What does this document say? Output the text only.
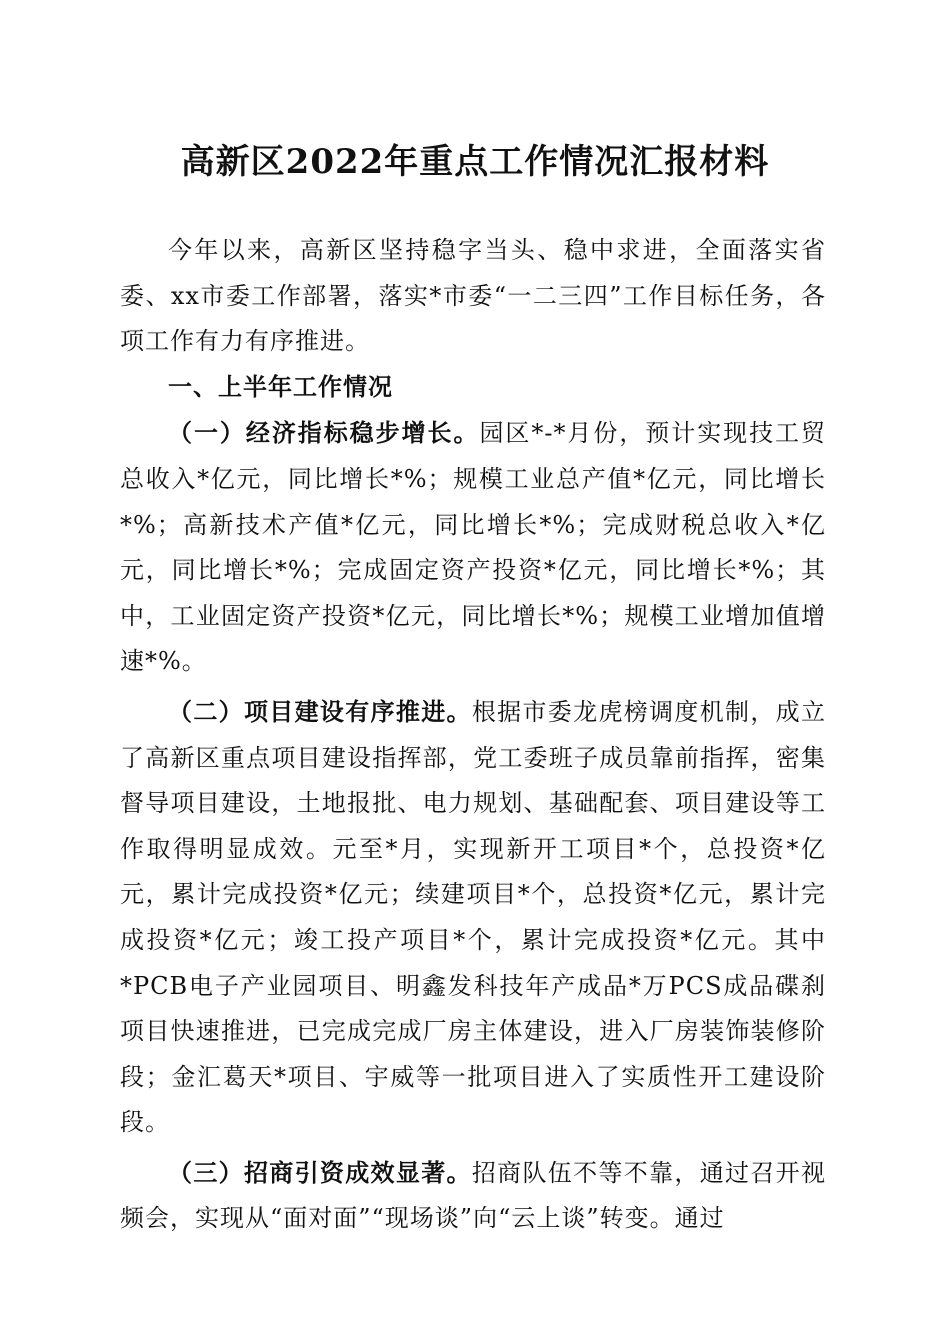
高新区2022年重点工作情况汇报材料

今年以来，高新区坚持稳字当头、稳中求进，全面落实省委、xx市委工作部署，落实*市委“一二三四”工作目标任务，各项工作有力有序推进。

一、上半年工作情况

（一）经济指标稳步增长。园区*-*月份，预计实现技工贸总收入*亿元，同比增长*%；规模工业总产值*亿元，同比增长*%；高新技术产值*亿元，同比增长*%；完成财税总收入*亿元，同比增长*%；完成固定资产投资*亿元，同比增长*%；其中，工业固定资产投资*亿元，同比增长*%；规模工业增加值增速*%。

（二）项目建设有序推进。根据市委龙虎榜调度机制，成立了高新区重点项目建设指挥部，党工委班子成员靠前指挥，密集督导项目建设，土地报批、电力规划、基础配套、项目建设等工作取得明显成效。元至*月，实现新开工项目*个，总投资*亿元，累计完成投资*亿元；续建项目*个，总投资*亿元，累计完成投资*亿元；竣工投产项目*个，累计完成投资*亿元。其中*PCB电子产业园项目、明鑫发科技年产成品*万PCS成品碟刹项目快速推进，已完成完成厂房主体建设，进入厂房装饰装修阶段；金汇葛天*项目、宇威等一批项目进入了实质性开工建设阶段。

（三）招商引资成效显著。招商队伍不等不靠，通过召开视频会，实现从“面对面”“现场谈”向“云上谈”转变。通过
